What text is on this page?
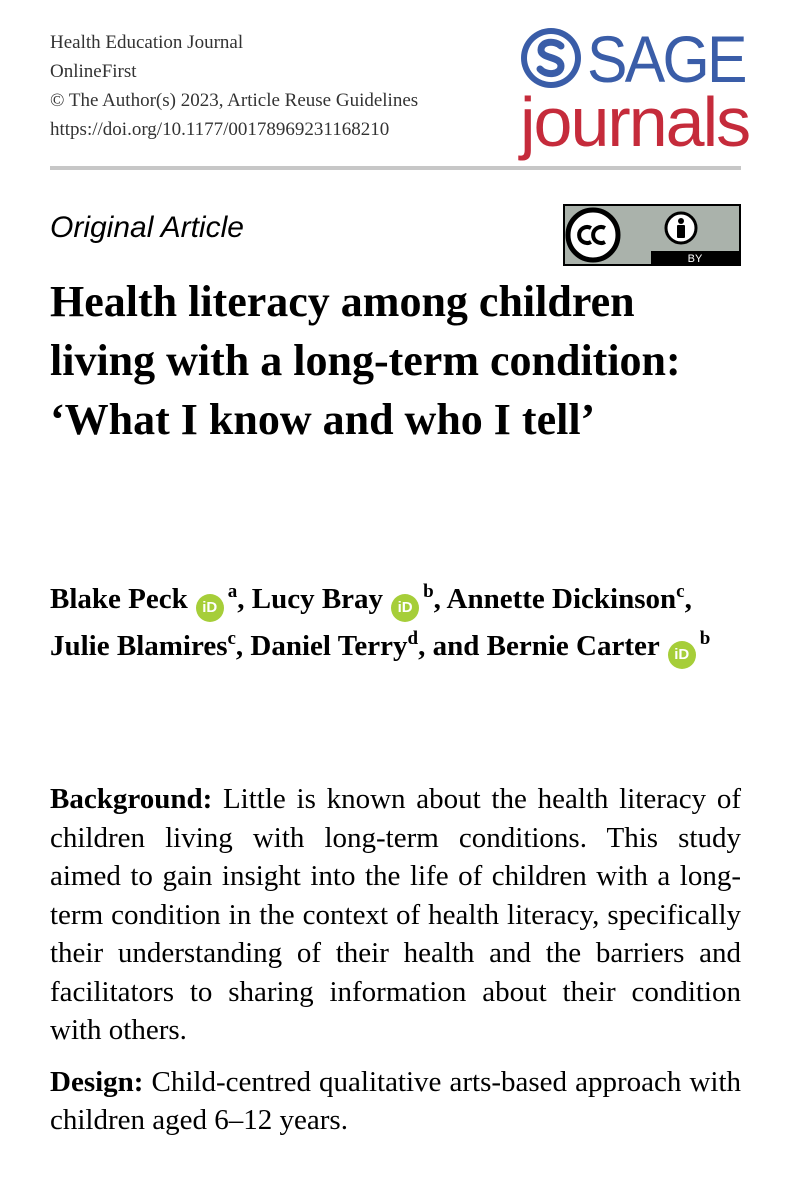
Health Education Journal
OnlineFirst
© The Author(s) 2023, Article Reuse Guidelines
https://doi.org/10.1177/00178969231168210
SAGE
journals
Original Article
BY
Health literacy among children living with a long-term condition: ‘What I know and who I tell’
Blake Peck iD$^a$, Lucy Bray iD$^b$, Annette Dickinson$^c$, Julie Blamires$^c$, Daniel Terry$^d$, and Bernie Carter iD$^b$

Background: Little is known about the health literacy of children living with long-term conditions. This study aimed to gain insight into the life of children with a long-term condition in the context of health literacy, specifically their understanding of their health and the barriers and facilitators to sharing information about their condition with others.

Design: Child-centred qualitative arts-based approach with children aged 6–12 years.
